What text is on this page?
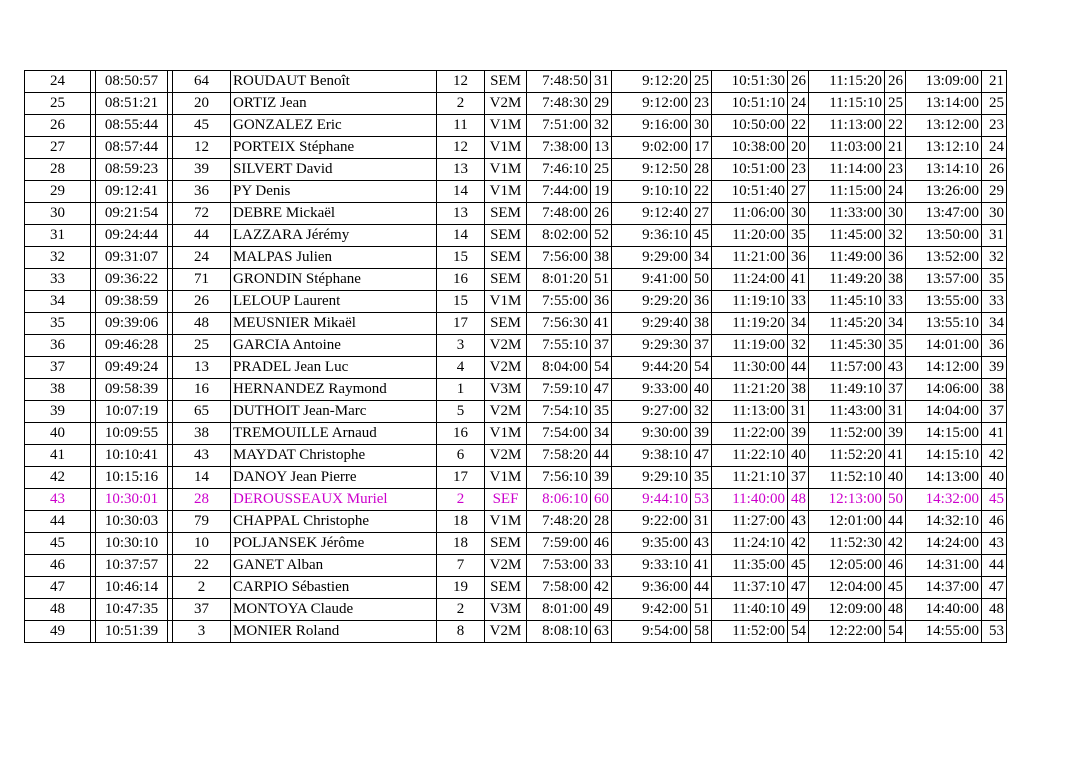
24		08:50:57		64	ROUDAUT Benoît	12	SEM	7:48:50	31	9:12:20	25	10:51:30	26	11:15:20	26	13:09:00	21
25		08:51:21		20	ORTIZ Jean	2	V2M	7:48:30	29	9:12:00	23	10:51:10	24	11:15:10	25	13:14:00	25
26		08:55:44		45	GONZALEZ Eric	11	V1M	7:51:00	32	9:16:00	30	10:50:00	22	11:13:00	22	13:12:00	23
27		08:57:44		12	PORTEIX Stéphane	12	V1M	7:38:00	13	9:02:00	17	10:38:00	20	11:03:00	21	13:12:10	24
28		08:59:23		39	SILVERT David	13	V1M	7:46:10	25	9:12:50	28	10:51:00	23	11:14:00	23	13:14:10	26
29		09:12:41		36	PY Denis	14	V1M	7:44:00	19	9:10:10	22	10:51:40	27	11:15:00	24	13:26:00	29
30		09:21:54		72	DEBRE Mickaël	13	SEM	7:48:00	26	9:12:40	27	11:06:00	30	11:33:00	30	13:47:00	30
31		09:24:44		44	LAZZARA Jérémy	14	SEM	8:02:00	52	9:36:10	45	11:20:00	35	11:45:00	32	13:50:00	31
32		09:31:07		24	MALPAS Julien	15	SEM	7:56:00	38	9:29:00	34	11:21:00	36	11:49:00	36	13:52:00	32
33		09:36:22		71	GRONDIN Stéphane	16	SEM	8:01:20	51	9:41:00	50	11:24:00	41	11:49:20	38	13:57:00	35
34		09:38:59		26	LELOUP Laurent	15	V1M	7:55:00	36	9:29:20	36	11:19:10	33	11:45:10	33	13:55:00	33
35		09:39:06		48	MEUSNIER Mikaël	17	SEM	7:56:30	41	9:29:40	38	11:19:20	34	11:45:20	34	13:55:10	34
36		09:46:28		25	GARCIA Antoine	3	V2M	7:55:10	37	9:29:30	37	11:19:00	32	11:45:30	35	14:01:00	36
37		09:49:24		13	PRADEL Jean Luc	4	V2M	8:04:00	54	9:44:20	54	11:30:00	44	11:57:00	43	14:12:00	39
38		09:58:39		16	HERNANDEZ Raymond	1	V3M	7:59:10	47	9:33:00	40	11:21:20	38	11:49:10	37	14:06:00	38
39		10:07:19		65	DUTHOIT Jean-Marc	5	V2M	7:54:10	35	9:27:00	32	11:13:00	31	11:43:00	31	14:04:00	37
40		10:09:55		38	TREMOUILLE Arnaud	16	V1M	7:54:00	34	9:30:00	39	11:22:00	39	11:52:00	39	14:15:00	41
41		10:10:41		43	MAYDAT Christophe	6	V2M	7:58:20	44	9:38:10	47	11:22:10	40	11:52:20	41	14:15:10	42
42		10:15:16		14	DANOY Jean Pierre	17	V1M	7:56:10	39	9:29:10	35	11:21:10	37	11:52:10	40	14:13:00	40
43		10:30:01		28	DEROUSSEAUX Muriel	2	SEF	8:06:10	60	9:44:10	53	11:40:00	48	12:13:00	50	14:32:00	45
44		10:30:03		79	CHAPPAL Christophe	18	V1M	7:48:20	28	9:22:00	31	11:27:00	43	12:01:00	44	14:32:10	46
45		10:30:10		10	POLJANSEK Jérôme	18	SEM	7:59:00	46	9:35:00	43	11:24:10	42	11:52:30	42	14:24:00	43
46		10:37:57		22	GANET Alban	7	V2M	7:53:00	33	9:33:10	41	11:35:00	45	12:05:00	46	14:31:00	44
47		10:46:14		2	CARPIO Sébastien	19	SEM	7:58:00	42	9:36:00	44	11:37:10	47	12:04:00	45	14:37:00	47
48		10:47:35		37	MONTOYA Claude	2	V3M	8:01:00	49	9:42:00	51	11:40:10	49	12:09:00	48	14:40:00	48
49		10:51:39		3	MONIER Roland	8	V2M	8:08:10	63	9:54:00	58	11:52:00	54	12:22:00	54	14:55:00	53
